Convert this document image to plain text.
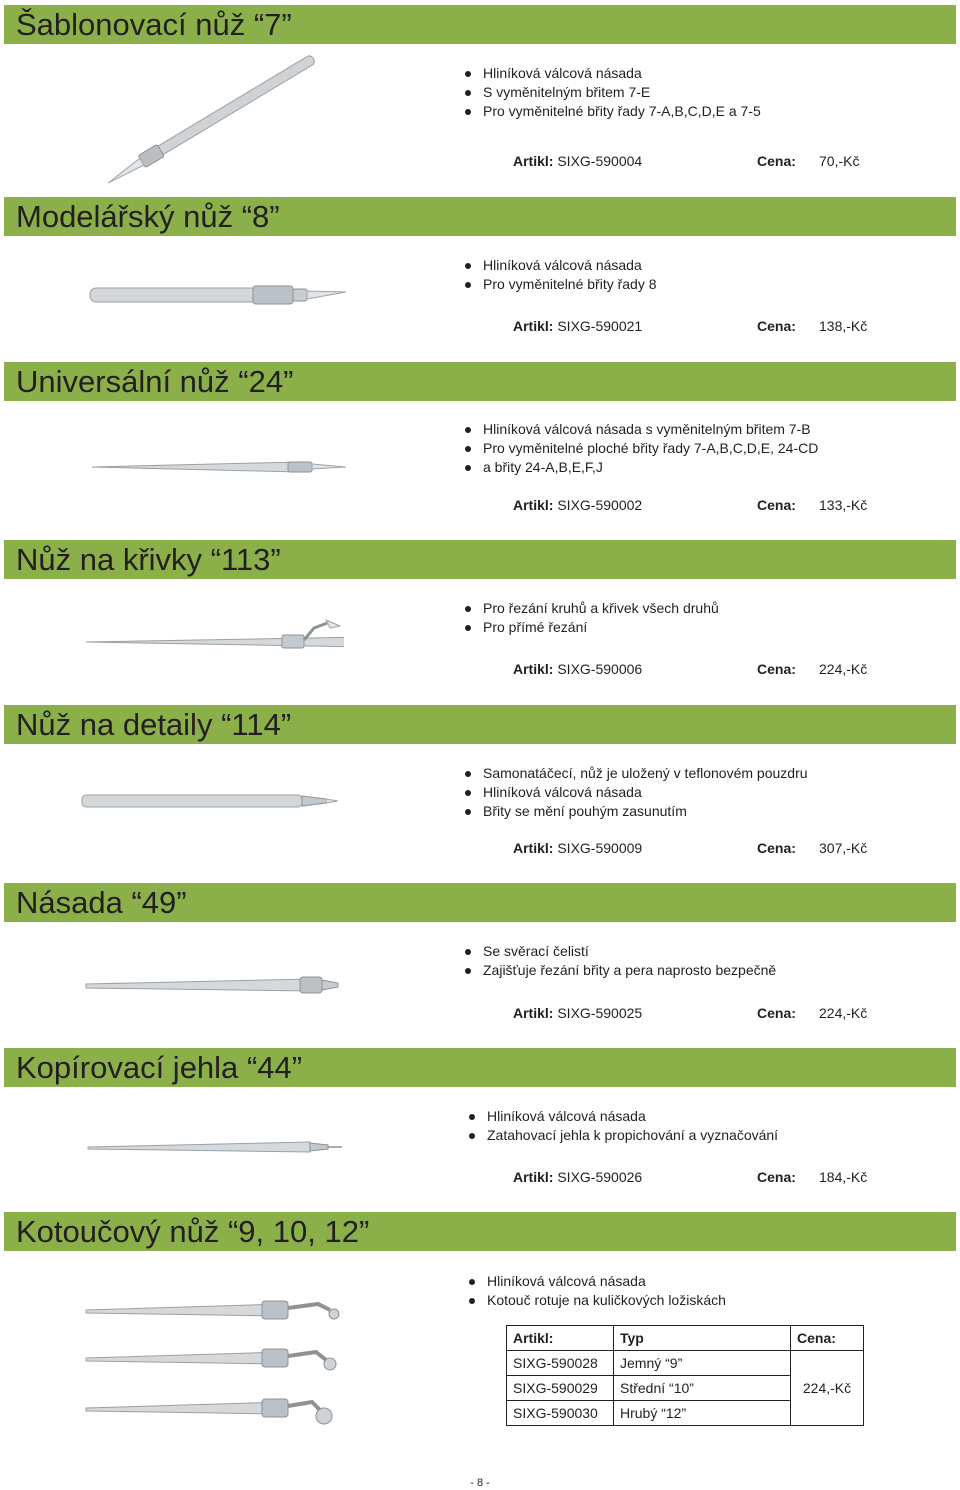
Šablonovací nůž “7”
Hliníková válcová násada
S vyměnitelným břitem 7-E
Pro vyměnitelné břity řady 7-A,B,C,D,E a 7-5
Artikl: SIXG-590004	Cena: 70,-Kč
Modelářský nůž “8”
Hliníková válcová násada
Pro vyměnitelné břity řady 8
Artikl: SIXG-590021	Cena: 138,-Kč
Universální nůž “24”
Hliníková válcová násada s vyměnitelným břitem 7-B
Pro vyměnitelné ploché břity řady 7-A,B,C,D,E, 24-CD
a břity 24-A,B,E,F,J
Artikl: SIXG-590002	Cena: 133,-Kč
Nůž na křivky “113”
Pro řezání kruhů a křivek všech druhů
Pro přímé řezání
Artikl: SIXG-590006	Cena: 224,-Kč
Nůž na detaily “114”
Samonatáčecí, nůž je uložený v teflonovém pouzdru
Hliníková válcová násada
Břity se mění pouhým zasunutím
Artikl: SIXG-590009	Cena: 307,-Kč
Násada “49”
Se svěrací čelistí
Zajišťuje řezání břity a pera naprosto bezpečně
Artikl: SIXG-590025	Cena: 224,-Kč
Kopírovací jehla “44”
Hliníková válcová násada
Zatahovací jehla k propichování a vyznačování
Artikl: SIXG-590026	Cena: 184,-Kč
Kotoučový nůž “9, 10, 12”
Hliníková válcová násada
Kotouč rotuje na kuličkových ložiskách
Artikl:	Typ	Cena:
SIXG-590028	Jemný “9”	224,-Kč
SIXG-590029	Střední “10”	
SIXG-590030	Hrubý “12”	
- 8 -
